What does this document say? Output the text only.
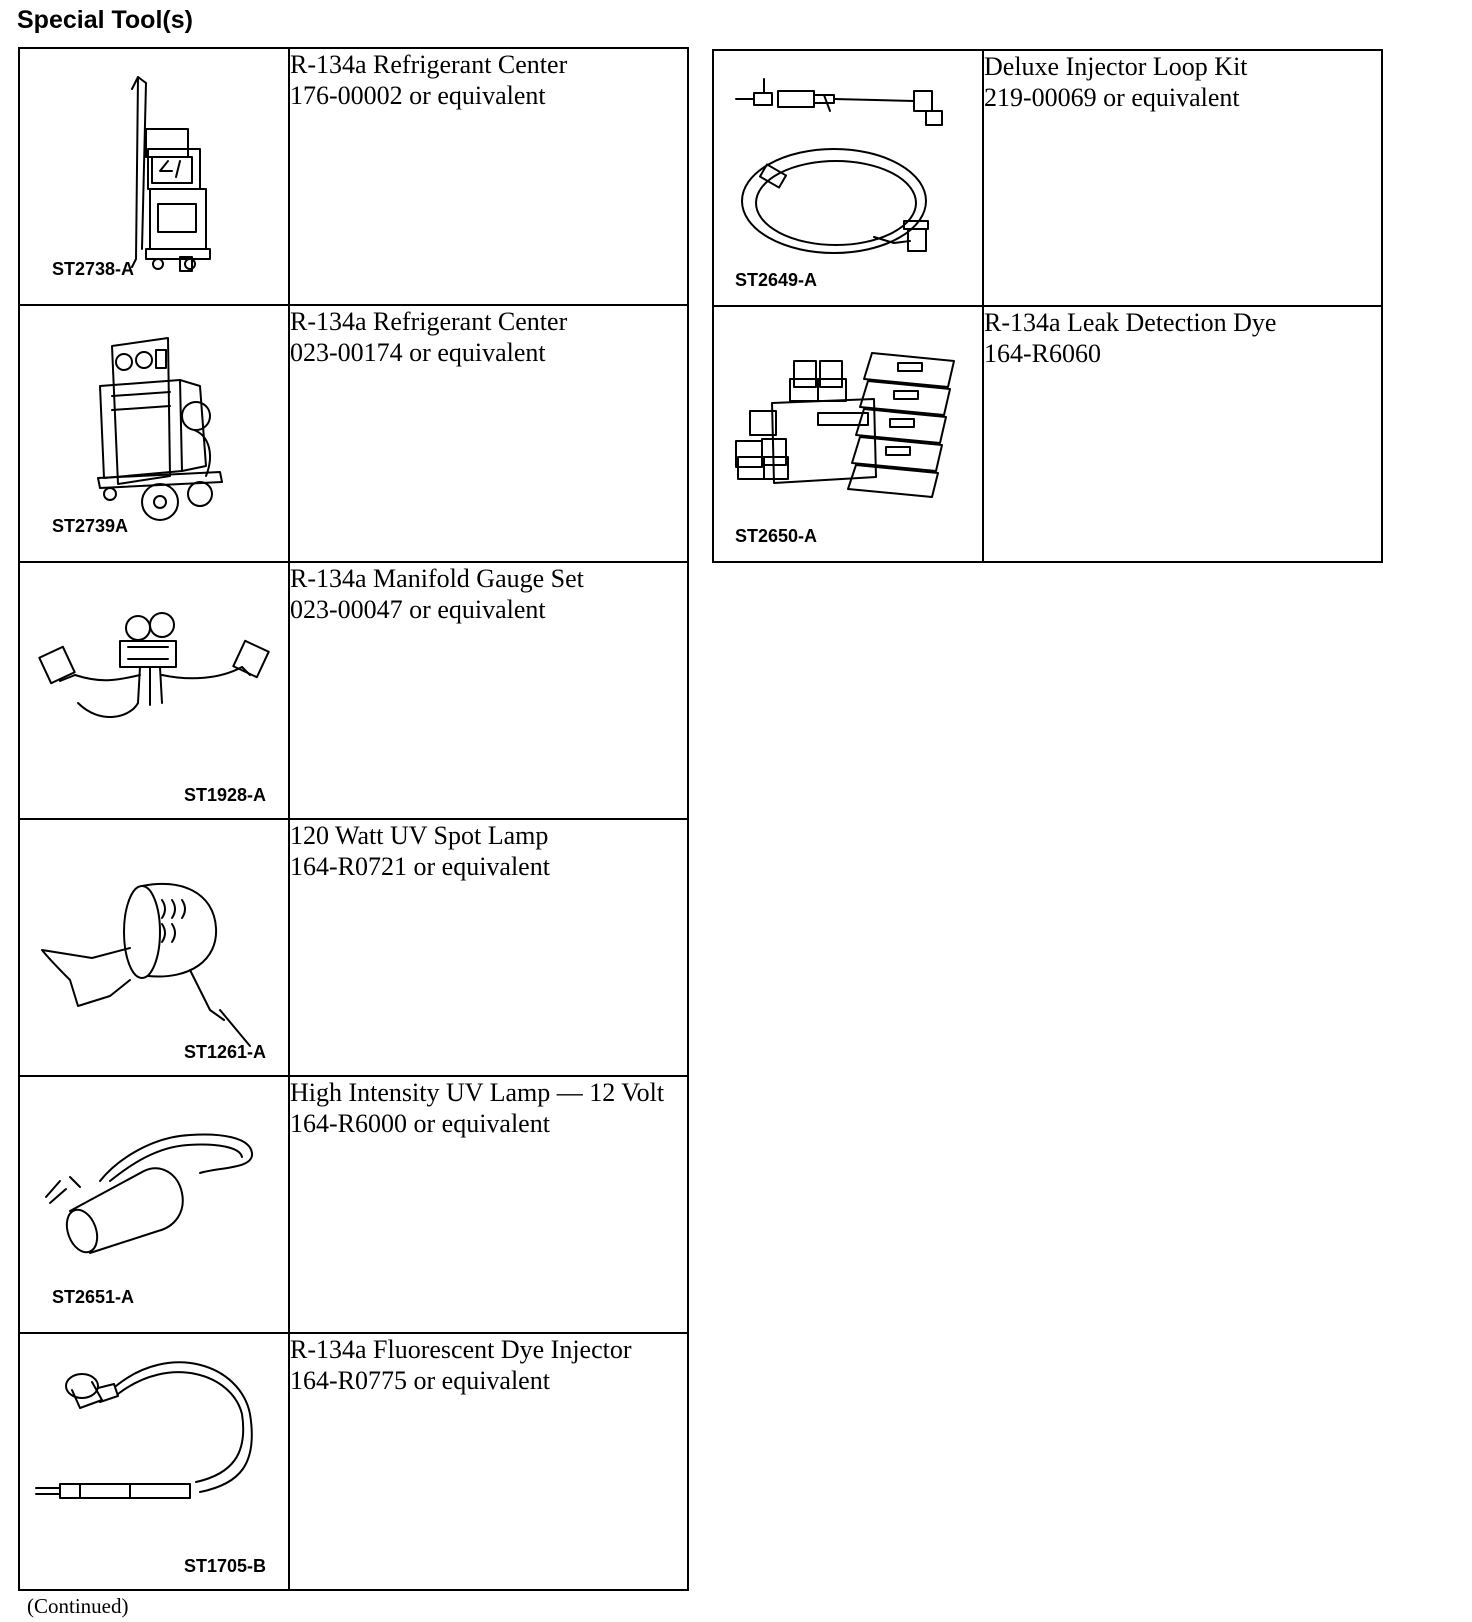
Special Tool(s)
ST2738-A	R-134a Refrigerant Center
176-00002 or equivalent

ST2739A	R-134a Refrigerant Center
023-00174 or equivalent

ST1928-A	R-134a Manifold Gauge Set
023-00047 or equivalent

ST1261-A	120 Watt UV Spot Lamp
164-R0721 or equivalent

ST2651-A	High Intensity UV Lamp — 12 Volt
164-R6000 or equivalent

ST1705-B	R-134a Fluorescent Dye Injector
164-R0775 or equivalent
ST2649-A	Deluxe Injector Loop Kit
219-00069 or equivalent

ST2650-A	R-134a Leak Detection Dye
164-R6060
(Continued)
